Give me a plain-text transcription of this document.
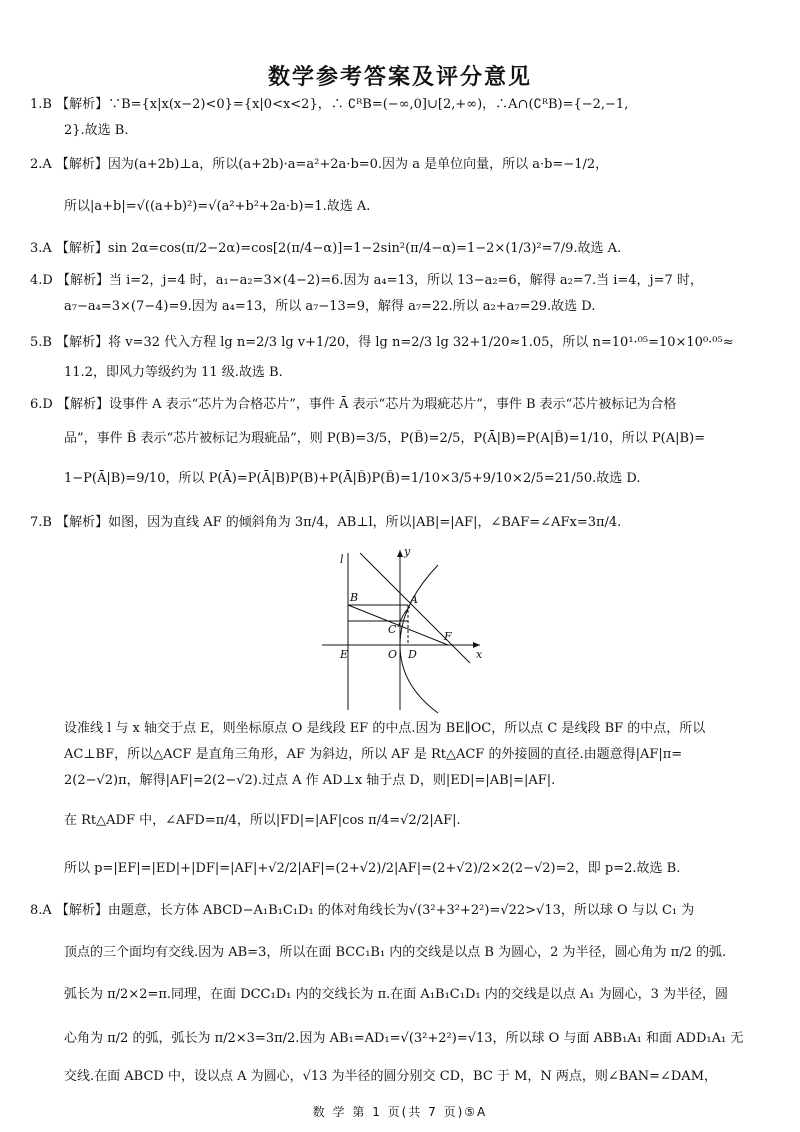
数学参考答案及评分意见
1.B 【解析】∵B={x|x(x−2)<0}={x|0<x<2}，∴ ∁ᴿB=(−∞,0]∪[2,+∞)，∴A∩(∁ᴿB)={−2,−1,
2}.故选 B.
2.A 【解析】因为(a+2b)⊥a，所以(a+2b)·a=a²+2a·b=0.因为 a 是单位向量，所以 a·b=−1/2，
所以|a+b|=√((a+b)²)=√(a²+b²+2a·b)=1.故选 A.
3.A 【解析】sin 2α=cos(π/2−2α)=cos[2(π/4−α)]=1−2sin²(π/4−α)=1−2×(1/3)²=7/9.故选 A.
4.D 【解析】当 i=2，j=4 时，a₁−a₂=3×(4−2)=6.因为 a₄=13，所以 13−a₂=6，解得 a₂=7.当 i=4，j=7 时，
a₇−a₄=3×(7−4)=9.因为 a₄=13，所以 a₇−13=9，解得 a₇=22.所以 a₂+a₇=29.故选 D.
5.B 【解析】将 v=32 代入方程 lg n=2/3 lg v+1/20，得 lg n=2/3 lg 32+1/20≈1.05，所以 n=10¹·⁰⁵=10×10⁰·⁰⁵≈
11.2，即风力等级约为 11 级.故选 B.
6.D 【解析】设事件 A 表示“芯片为合格芯片”，事件 Ā 表示“芯片为瑕疵芯片”，事件 B 表示“芯片被标记为合格
品”，事件 B̄ 表示“芯片被标记为瑕疵品”，则 P(B)=3/5，P(B̄)=2/5，P(Ā|B)=P(A|B̄)=1/10，所以 P(A|B)=
1−P(Ā|B)=9/10，所以 P(Ā)=P(Ā|B)P(B)+P(Ā|B̄)P(B̄)=1/10×3/5+9/10×2/5=21/50.故选 D.
7.B 【解析】如图，因为直线 AF 的倾斜角为 3π/4，AB⊥l，所以|AB|=|AF|，∠BAF=∠AFx=3π/4.
设准线 l 与 x 轴交于点 E，则坐标原点 O 是线段 EF 的中点.因为 BE∥OC，所以点 C 是线段 BF 的中点，所以
AC⊥BF，所以△ACF 是直角三角形，AF 为斜边，所以 AF 是 Rt△ACF 的外接圆的直径.由题意得|AF|π=
2(2−√2)π，解得|AF|=2(2−√2).过点 A 作 AD⊥x 轴于点 D，则|ED|=|AB|=|AF|.
在 Rt△ADF 中，∠AFD=π/4，所以|FD|=|AF|cos π/4=√2/2|AF|.
所以 p=|EF|=|ED|+|DF|=|AF|+√2/2|AF|=(2+√2)/2|AF|=(2+√2)/2×2(2−√2)=2，即 p=2.故选 B.
8.A 【解析】由题意，长方体 ABCD−A₁B₁C₁D₁ 的体对角线长为√(3²+3²+2²)=√22>√13，所以球 O 与以 C₁ 为
顶点的三个面均有交线.因为 AB=3，所以在面 BCC₁B₁ 内的交线是以点 B 为圆心，2 为半径，圆心角为 π/2 的弧.
弧长为 π/2×2=π.同理，在面 DCC₁D₁ 内的交线长为 π.在面 A₁B₁C₁D₁ 内的交线是以点 A₁ 为圆心，3 为半径，圆
心角为 π/2 的弧，弧长为 π/2×3=3π/2.因为 AB₁=AD₁=√(3²+2²)=√13，所以球 O 与面 ABB₁A₁ 和面 ADD₁A₁ 无
交线.在面 ABCD 中，设以点 A 为圆心，√13 为半径的圆分别交 CD，BC 于 M，N 两点，则∠BAN=∠DAM，
l
y
x
B	A
C
F
E	O D
数 学 第 1 页(共 7 页)⑤A
